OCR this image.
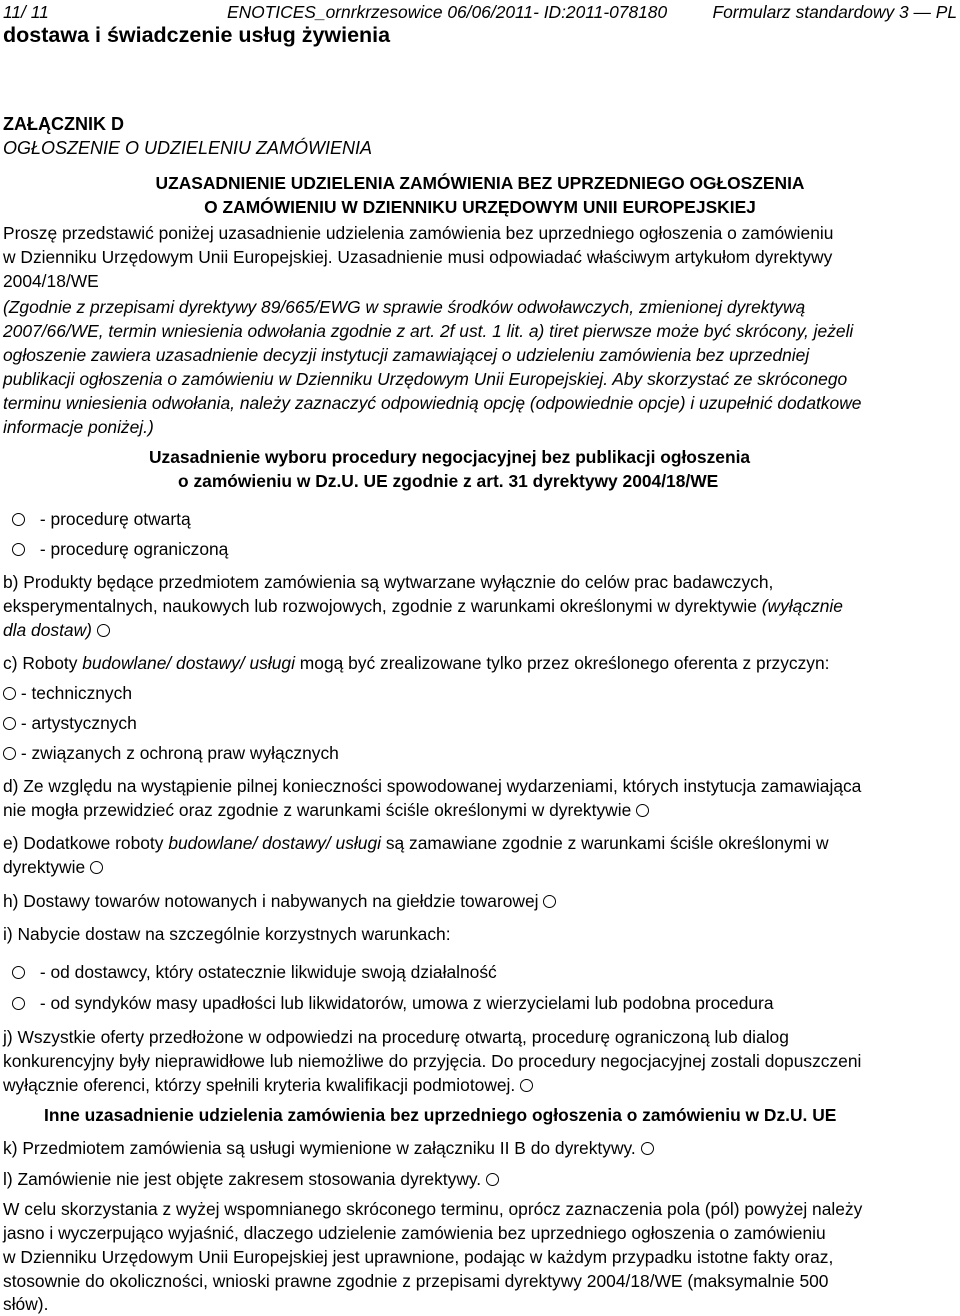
11/ 11	ENOTICES_ornrkrzesowice 06/06/2011- ID:2011-078180	Formularz standardowy 3 — PL
dostawa i świadczenie usług żywienia
ZAŁĄCZNIK D
OGŁOSZENIE O UDZIELENIU ZAMÓWIENIA
UZASADNIENIE UDZIELENIA ZAMÓWIENIA BEZ UPRZEDNIEGO OGŁOSZENIA
O ZAMÓWIENIU W DZIENNIKU URZĘDOWYM UNII EUROPEJSKIEJ
Proszę przedstawić poniżej uzasadnienie udzielenia zamówienia bez uprzedniego ogłoszenia o zamówieniu
w Dzienniku Urzędowym Unii Europejskiej. Uzasadnienie musi odpowiadać właściwym artykułom dyrektywy
2004/18/WE
(Zgodnie z przepisami dyrektywy 89/665/EWG w sprawie środków odwoławczych, zmienionej dyrektywą
2007/66/WE, termin wniesienia odwołania zgodnie z art. 2f ust. 1 lit. a) tiret pierwsze może być skrócony, jeżeli
ogłoszenie zawiera uzasadnienie decyzji instytucji zamawiającej o udzieleniu zamówienia bez uprzedniej
publikacji ogłoszenia o zamówieniu w Dzienniku Urzędowym Unii Europejskiej. Aby skorzystać ze skróconego
terminu wniesienia odwołania, należy zaznaczyć odpowiednią opcję (odpowiednie opcje) i uzupełnić dodatkowe
informacje poniżej.)
Uzasadnienie wyboru procedury negocjacyjnej bez publikacji ogłoszenia
o zamówieniu w Dz.U. UE zgodnie z art. 31 dyrektywy 2004/18/WE
- procedurę otwartą
- procedurę ograniczoną
b) Produkty będące przedmiotem zamówienia są wytwarzane wyłącznie do celów prac badawczych,
eksperymentalnych, naukowych lub rozwojowych, zgodnie z warunkami określonymi w dyrektywie (wyłącznie
dla dostaw)
c) Roboty budowlane/ dostawy/ usługi mogą być zrealizowane tylko przez określonego oferenta z przyczyn:
- technicznych
- artystycznych
- związanych z ochroną praw wyłącznych
d) Ze względu na wystąpienie pilnej konieczności spowodowanej wydarzeniami, których instytucja zamawiająca
nie mogła przewidzieć oraz zgodnie z warunkami ściśle określonymi w dyrektywie
e) Dodatkowe roboty budowlane/ dostawy/ usługi są zamawiane zgodnie z warunkami ściśle określonymi w
dyrektywie
h) Dostawy towarów notowanych i nabywanych na giełdzie towarowej
i) Nabycie dostaw na szczególnie korzystnych warunkach:
- od dostawcy, który ostatecznie likwiduje swoją działalność
- od syndyków masy upadłości lub likwidatorów, umowa z wierzycielami lub podobna procedura
j) Wszystkie oferty przedłożone w odpowiedzi na procedurę otwartą, procedurę ograniczoną lub dialog
konkurencyjny były nieprawidłowe lub niemożliwe do przyjęcia. Do procedury negocjacyjnej zostali dopuszczeni
wyłącznie oferenci, którzy spełnili kryteria kwalifikacji podmiotowej.
Inne uzasadnienie udzielenia zamówienia bez uprzedniego ogłoszenia o zamówieniu w Dz.U. UE
k) Przedmiotem zamówienia są usługi wymienione w załączniku II B do dyrektywy.
l) Zamówienie nie jest objęte zakresem stosowania dyrektywy.
W celu skorzystania z wyżej wspomnianego skróconego terminu, oprócz zaznaczenia pola (pól) powyżej należy
jasno i wyczerpująco wyjaśnić, dlaczego udzielenie zamówienia bez uprzedniego ogłoszenia o zamówieniu
w Dzienniku Urzędowym Unii Europejskiej jest uprawnione, podając w każdym przypadku istotne fakty oraz,
stosownie do okoliczności, wnioski prawne zgodnie z przepisami dyrektywy 2004/18/WE (maksymalnie 500
słów).
